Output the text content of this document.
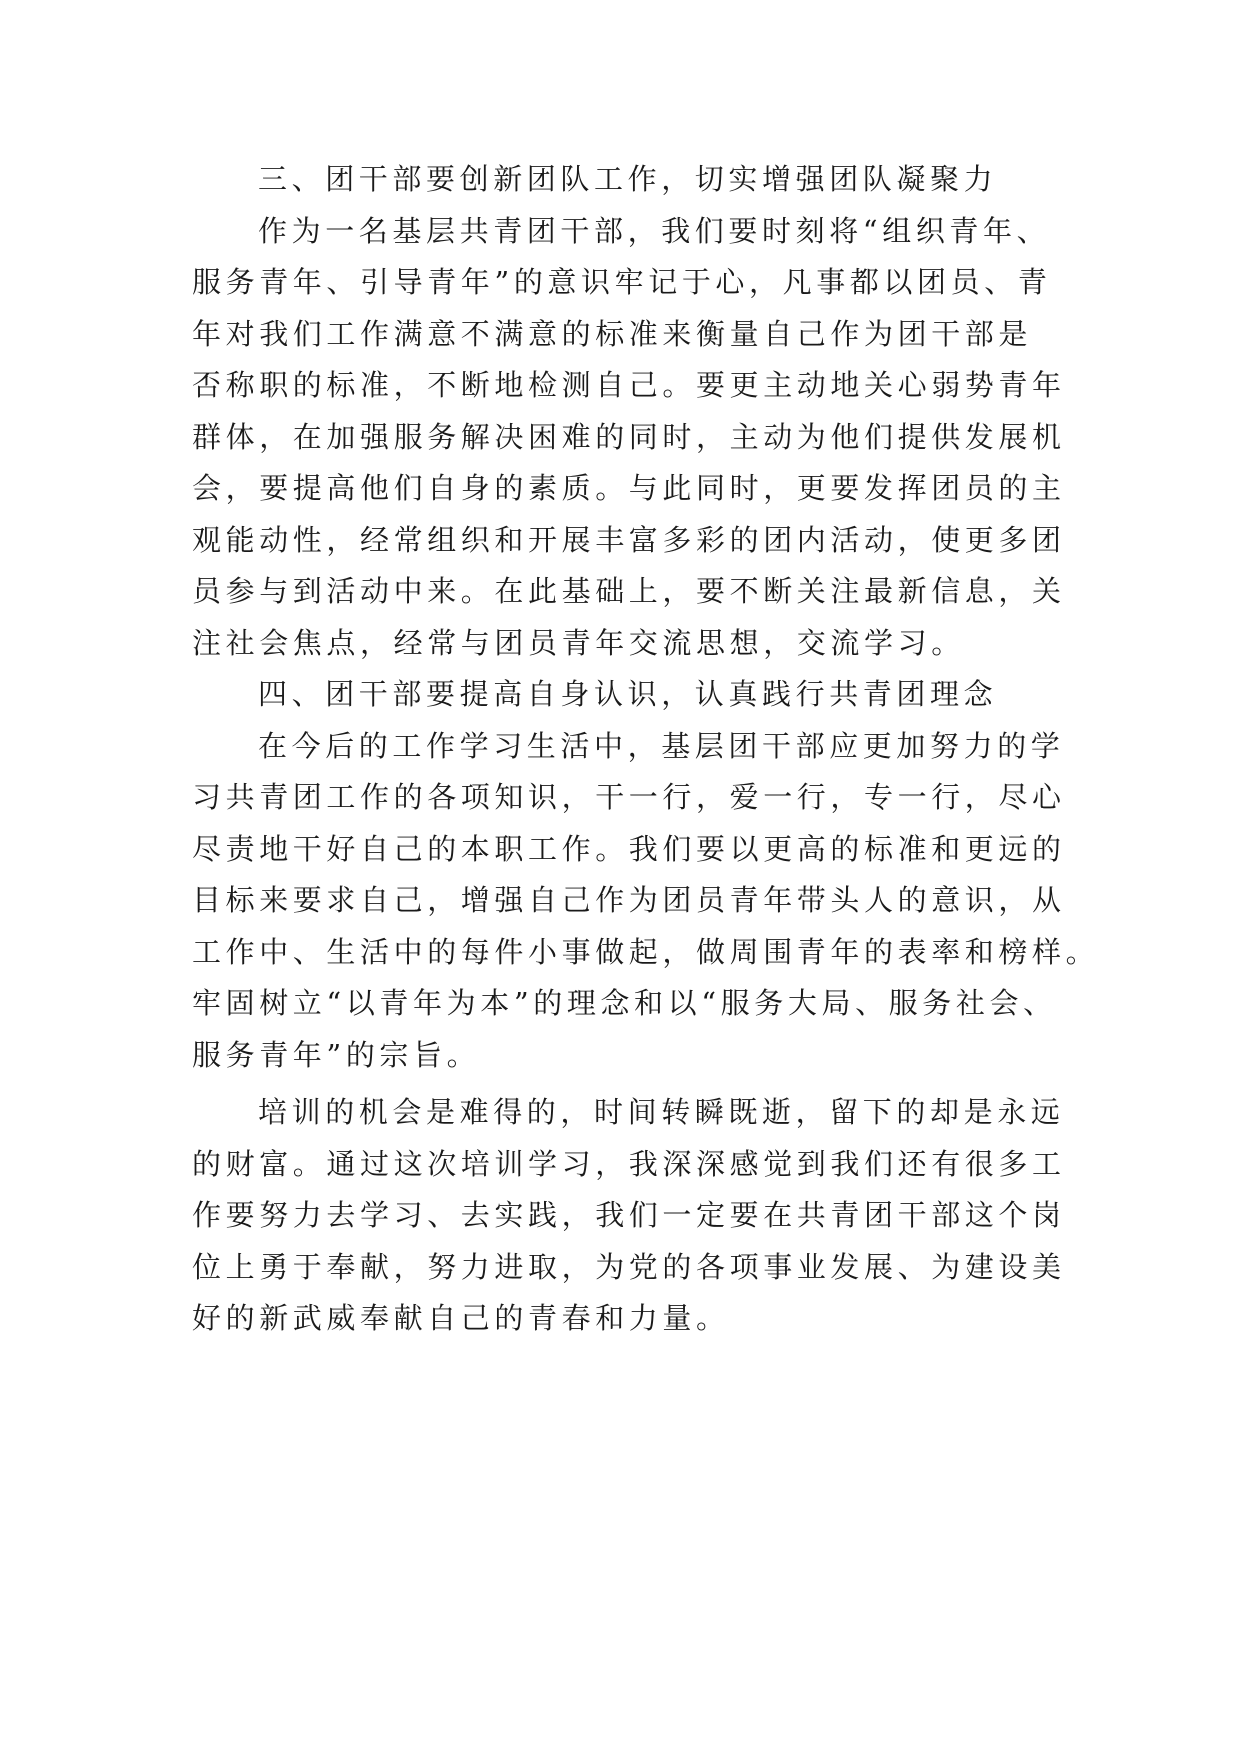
三、团干部要创新团队工作，切实增强团队凝聚力
作为一名基层共青团干部，我们要时刻将“组织青年、
服务青年、引导青年”的意识牢记于心，凡事都以团员、青
年对我们工作满意不满意的标准来衡量自己作为团干部是
否称职的标准，不断地检测自己。要更主动地关心弱势青年
群体，在加强服务解决困难的同时，主动为他们提供发展机
会，要提高他们自身的素质。与此同时，更要发挥团员的主
观能动性，经常组织和开展丰富多彩的团内活动，使更多团
员参与到活动中来。在此基础上，要不断关注最新信息，关
注社会焦点，经常与团员青年交流思想，交流学习。
四、团干部要提高自身认识，认真践行共青团理念
在今后的工作学习生活中，基层团干部应更加努力的学
习共青团工作的各项知识，干一行，爱一行，专一行，尽心
尽责地干好自己的本职工作。我们要以更高的标准和更远的
目标来要求自己，增强自己作为团员青年带头人的意识，从
工作中、生活中的每件小事做起，做周围青年的表率和榜样。
牢固树立“以青年为本”的理念和以“服务大局、服务社会、
服务青年”的宗旨。
培训的机会是难得的，时间转瞬既逝，留下的却是永远
的财富。通过这次培训学习，我深深感觉到我们还有很多工
作要努力去学习、去实践，我们一定要在共青团干部这个岗
位上勇于奉献，努力进取，为党的各项事业发展、为建设美
好的新武威奉献自己的青春和力量。
